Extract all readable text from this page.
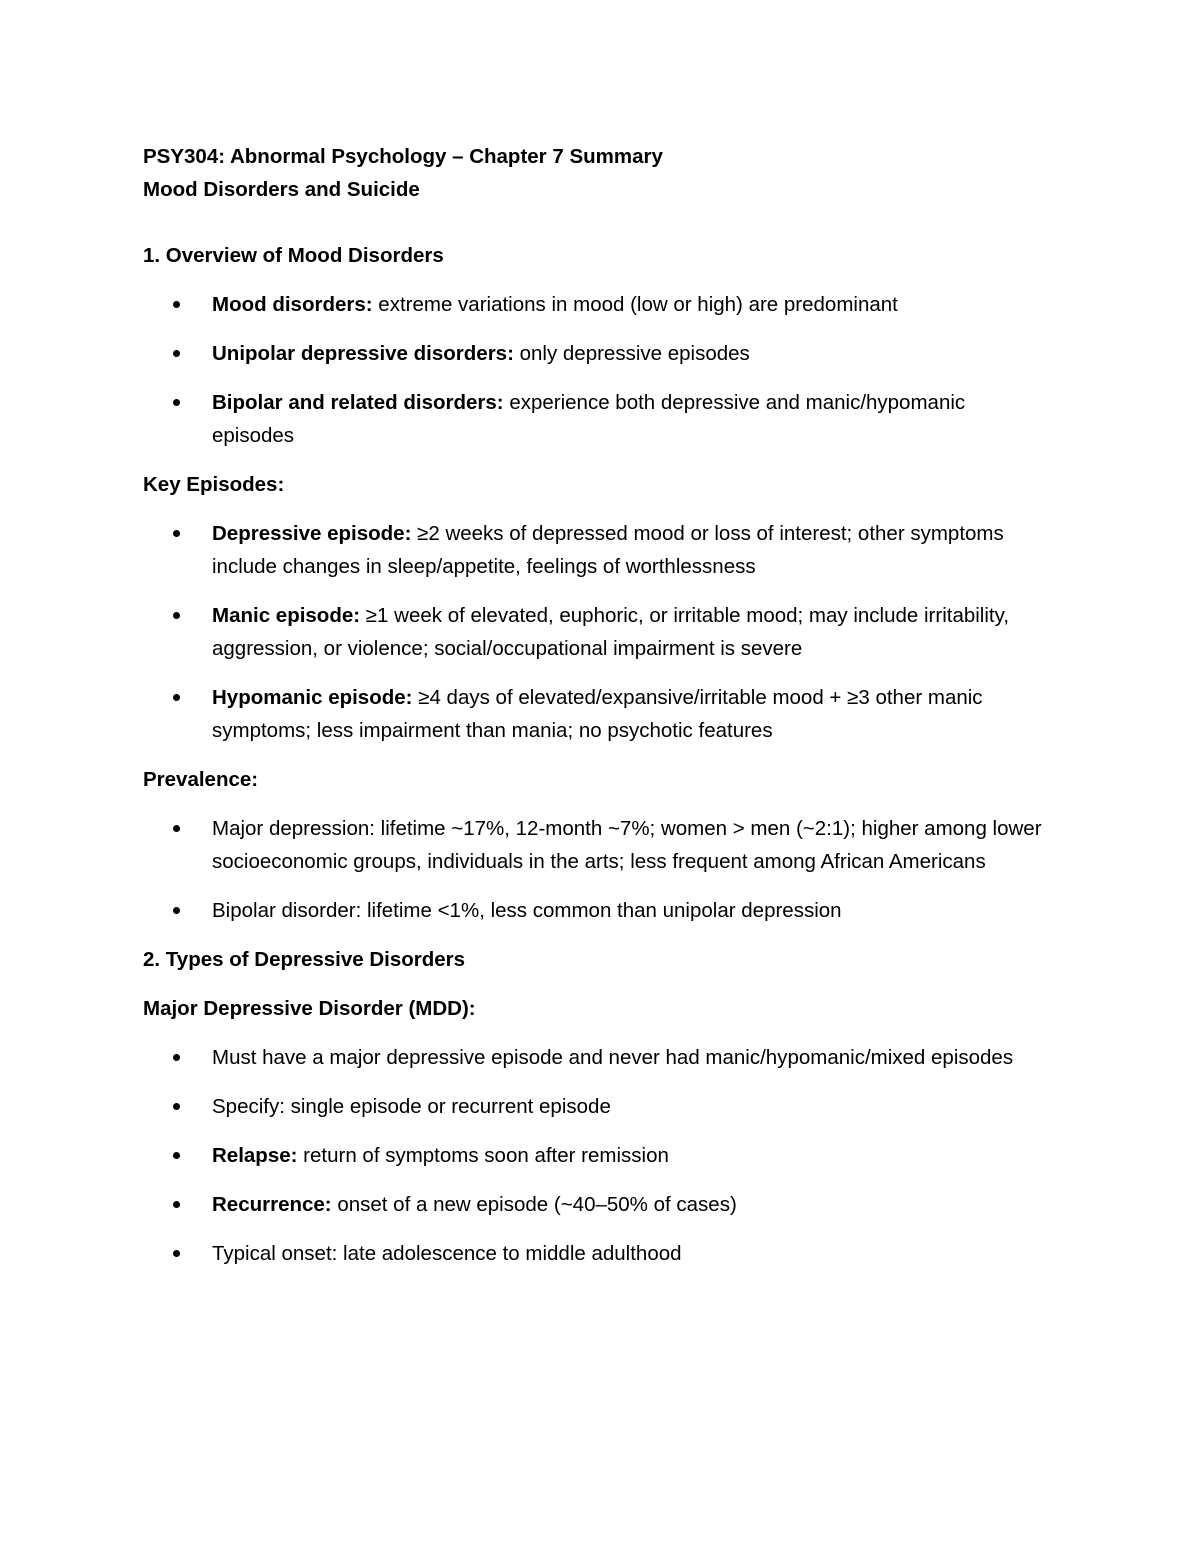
PSY304: Abnormal Psychology – Chapter 7 Summary

Mood Disorders and Suicide

1. Overview of Mood Disorders

Mood disorders: extreme variations in mood (low or high) are predominant
Unipolar depressive disorders: only depressive episodes
Bipolar and related disorders: experience both depressive and manic/hypomanic episodes

Key Episodes:

Depressive episode: ≥2 weeks of depressed mood or loss of interest; other symptoms include changes in sleep/appetite, feelings of worthlessness
Manic episode: ≥1 week of elevated, euphoric, or irritable mood; may include irritability, aggression, or violence; social/occupational impairment is severe
Hypomanic episode: ≥4 days of elevated/expansive/irritable mood + ≥3 other manic symptoms; less impairment than mania; no psychotic features

Prevalence:

Major depression: lifetime ~17%, 12-month ~7%; women > men (~2:1); higher among lower socioeconomic groups, individuals in the arts; less frequent among African Americans
Bipolar disorder: lifetime <1%, less common than unipolar depression

2. Types of Depressive Disorders

Major Depressive Disorder (MDD):

Must have a major depressive episode and never had manic/hypomanic/mixed episodes
Specify: single episode or recurrent episode
Relapse: return of symptoms soon after remission
Recurrence: onset of a new episode (~40–50% of cases)
Typical onset: late adolescence to middle adulthood
